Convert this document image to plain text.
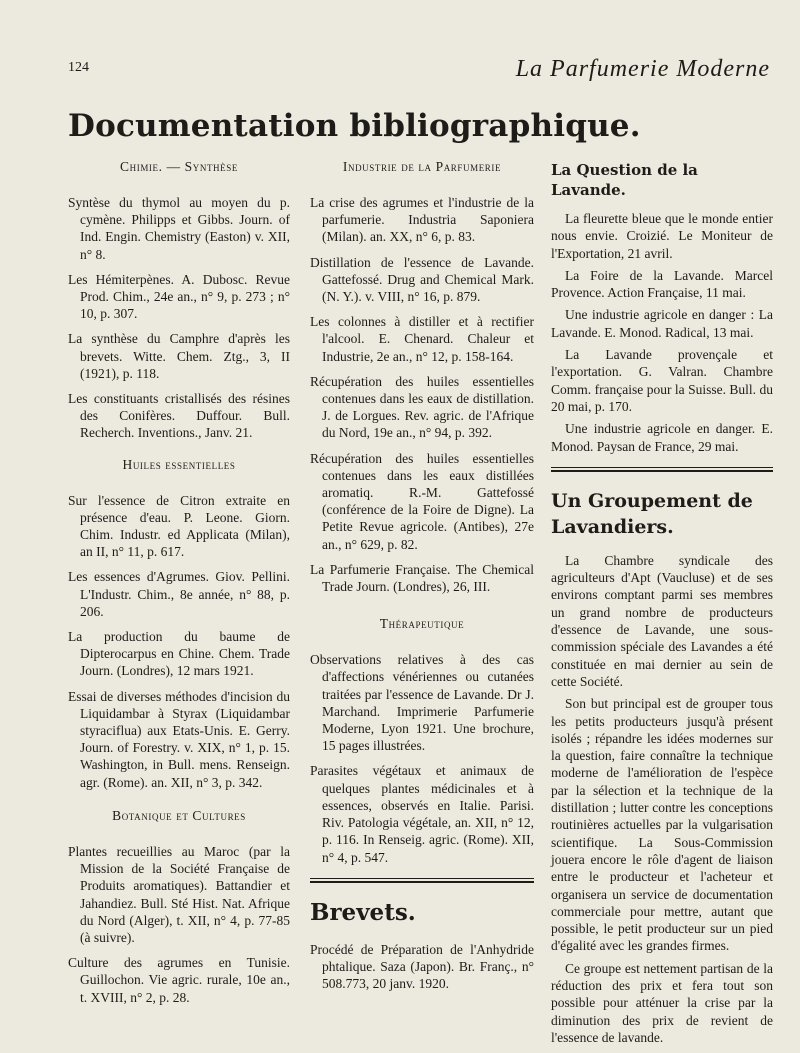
124	La Parfumerie Moderne
Documentation bibliographique.
Chimie. — Synthèse

Syntèse du thymol au moyen du p. cymène. Philipps et Gibbs. Journ. of Ind. Engin. Chemistry (Easton) v. XII, n° 8.

Les Hémiterpènes. A. Dubosc. Revue Prod. Chim., 24e an., n° 9, p. 273 ; n° 10, p. 307.

La synthèse du Camphre d'après les brevets. Witte. Chem. Ztg., 3, II (1921), p. 118.

Les constituants cristallisés des résines des Conifères. Duffour. Bull. Recherch. Inventions., Janv. 21.

Huiles essentielles

Sur l'essence de Citron extraite en présence d'eau. P. Leone. Giorn. Chim. Industr. ed Applicata (Milan), an II, n° 11, p. 617.

Les essences d'Agrumes. Giov. Pellini. L'Industr. Chim., 8e année, n° 88, p. 206.

La production du baume de Dipterocarpus en Chine. Chem. Trade Journ. (Londres), 12 mars 1921.

Essai de diverses méthodes d'incision du Liquidambar à Styrax (Liquidambar styraciflua) aux Etats-Unis. E. Gerry. Journ. of Forestry. v. XIX, n° 1, p. 15. Washington, in Bull. mens. Renseign. agr. (Rome). an. XII, n° 3, p. 342.

Botanique et Cultures

Plantes recueillies au Maroc (par la Mission de la Société Française de Produits aromatiques). Battandier et Jahandiez. Bull. Sté Hist. Nat. Afrique du Nord (Alger), t. XII, n° 4, p. 77-85 (à suivre).

Culture des agrumes en Tunisie. Guillochon. Vie agric. rurale, 10e an., t. XVIII, n° 2, p. 28.

Industrie de la Parfumerie

La crise des agrumes et l'industrie de la parfumerie. Industria Saponiera (Milan). an. XX, n° 6, p. 83.

Distillation de l'essence de Lavande. Gattefossé. Drug and Chemical Mark. (N. Y.). v. VIII, n° 16, p. 879.

Les colonnes à distiller et à rectifier l'alcool. E. Chenard. Chaleur et Industrie, 2e an., n° 12, p. 158-164.

Récupération des huiles essentielles contenues dans les eaux de distillation. J. de Lorgues. Rev. agric. de l'Afrique du Nord, 19e an., n° 94, p. 392.

Récupération des huiles essentielles contenues dans les eaux distillées aromatiq. R.-M. Gattefossé (conférence de la Foire de Digne). La Petite Revue agricole. (Antibes), 27e an., n° 629, p. 82.

La Parfumerie Française. The Chemical Trade Journ. (Londres), 26, III.

Thérapeutique

Observations relatives à des cas d'affections vénériennes ou cutanées traitées par l'essence de Lavande. Dr J. Marchand. Imprimerie Parfumerie Moderne, Lyon 1921. Une brochure, 15 pages illustrées.

Parasites végétaux et animaux de quelques plantes médicinales et à essences, observés en Italie. Parisi. Riv. Patologia végétale, an. XII, n° 12, p. 116. In Renseig. agric. (Rome). XII, n° 4, p. 547.

Brevets.

Procédé de Préparation de l'Anhydride phtalique. Saza (Japon). Br. Franç., n° 508.773, 20 janv. 1920.

La Question de la Lavande.

La fleurette bleue que le monde entier nous envie. Croizié. Le Moniteur de l'Exportation, 21 avril.

La Foire de la Lavande. Marcel Provence. Action Française, 11 mai.

Une industrie agricole en danger : La Lavande. E. Monod. Radical, 13 mai.

La Lavande provençale et l'exportation. G. Valran. Chambre Comm. française pour la Suisse. Bull. du 20 mai, p. 170.

Une industrie agricole en danger. E. Monod. Paysan de France, 29 mai.

Un Groupement de Lavandiers.

La Chambre syndicale des agriculteurs d'Apt (Vaucluse) et de ses environs comptant parmi ses membres un grand nombre de producteurs d'essence de Lavande, une sous-commission spéciale des Lavandes a été constituée en mai dernier au sein de cette Société.

Son but principal est de grouper tous les petits producteurs jusqu'à présent isolés ; répandre les idées modernes sur la question, faire connaître la technique moderne de l'amélioration de l'espèce par la sélection et la technique de la distillation ; lutter contre les conceptions routinières actuelles par la vulgarisation scientifique. La Sous-Commission jouera encore le rôle d'agent de liaison entre le producteur et l'acheteur et organisera un service de documentation commerciale pour mettre, autant que possible, le petit producteur sur un pied d'égalité avec les grandes firmes.

Ce groupe est nettement partisan de la réduction des prix et fera tout son possible pour atténuer la crise par la diminution des prix de revient de l'essence de lavande.
